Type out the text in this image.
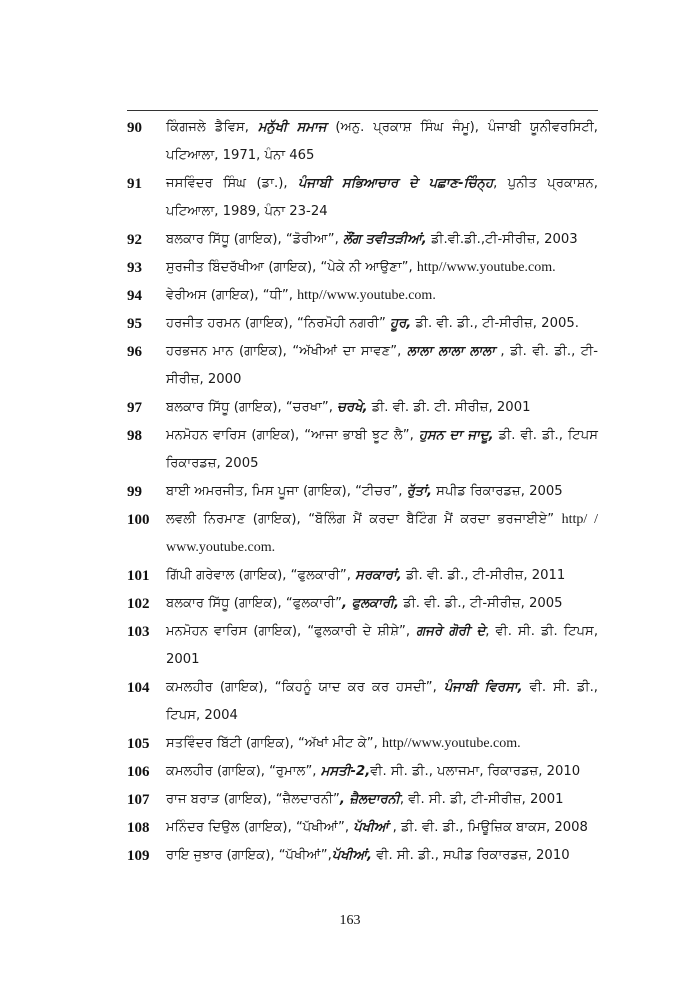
90 ਕਿੰਗਜਲੇ ਡੈਵਿਸ, ਮਨੁੱਖੀ ਸਮਾਜ (ਅਨੁ. ਪ੍ਰਕਾਸ਼ ਸਿੰਘ ਜੰਮੂ), ਪੰਜਾਬੀ ਯੂਨੀਵਰਸਿਟੀ, ਪਟਿਆਲਾ, 1971, ਪੰਨਾ 465
91 ਜਸਵਿੰਦਰ ਸਿੰਘ (ਡਾ.), ਪੰਜਾਬੀ ਸਭਿਆਚਾਰ ਦੇ ਪਛਾਣ-ਚਿੰਨ੍ਹ, ਪੁਨੀਤ ਪ੍ਰਕਾਸ਼ਨ, ਪਟਿਆਲਾ, 1989, ਪੰਨਾ 23-24
92 ਬਲਕਾਰ ਸਿੱਧੂ (ਗਾਇਕ), “ਡੋਰੀਆ”, ਲੌਂਗ ਤਵੀਤੜੀਆਂ, ਡੀ.ਵੀ.ਡੀ.,ਟੀ-ਸੀਰੀਜ਼, 2003
93 ਸੁਰਜੀਤ ਬਿੰਦਰੱਖੀਆ (ਗਾਇਕ), “ਪੇਕੇ ਨੀ ਆਉਣਾ”, http//www.youtube.com.
94 ਵੇਰੀਅਸ (ਗਾਇਕ), “ਧੀ”, http//www.youtube.com.
95 ਹਰਜੀਤ ਹਰਮਨ (ਗਾਇਕ), “ਨਿਰਮੋਹੀ ਨਗਰੀ” ਹੂਰ, ਡੀ. ਵੀ. ਡੀ., ਟੀ-ਸੀਰੀਜ਼, 2005.
96 ਹਰਭਜਨ ਮਾਨ (ਗਾਇਕ), “ਅੱਖੀਆਂ ਦਾ ਸਾਵਣ”, ਲਾਲਾ ਲਾਲਾ ਲਾਲਾ , ਡੀ. ਵੀ. ਡੀ., ਟੀ-ਸੀਰੀਜ਼, 2000
97 ਬਲਕਾਰ ਸਿੱਧੂ (ਗਾਇਕ), “ਚਰਖਾ”, ਚਰਖੇ, ਡੀ. ਵੀ. ਡੀ. ਟੀ. ਸੀਰੀਜ਼, 2001
98 ਮਨਮੋਹਨ ਵਾਰਿਸ (ਗਾਇਕ), “ਆਜਾ ਭਾਬੀ ਝੂਟ ਲੈ”, ਹੁਸਨ ਦਾ ਜਾਦੂ, ਡੀ. ਵੀ. ਡੀ., ਟਿਪਸ ਰਿਕਾਰਡਜ਼, 2005
99 ਬਾਈ ਅਮਰਜੀਤ, ਮਿਸ ਪੂਜਾ (ਗਾਇਕ), “ਟੀਚਰ”, ਰੁੱਤਾਂ, ਸਪੀਡ ਰਿਕਾਰਡਜ਼, 2005
100 ਲਵਲੀ ਨਿਰਮਾਣ (ਗਾਇਕ), “ਬੋਲਿੰਗ ਮੈਂ ਕਰਦਾ ਬੈਟਿੰਗ ਮੈਂ ਕਰਦਾ ਭਰਜਾਈਏ” http/ / www.youtube.com.
101 ਗਿੱਪੀ ਗਰੇਵਾਲ (ਗਾਇਕ), “ਫੁਲਕਾਰੀ”, ਸਰਕਾਰਾਂ, ਡੀ. ਵੀ. ਡੀ., ਟੀ-ਸੀਰੀਜ਼, 2011
102 ਬਲਕਾਰ ਸਿੱਧੂ (ਗਾਇਕ), “ਫੁਲਕਾਰੀ”, ਫੁਲਕਾਰੀ, ਡੀ. ਵੀ. ਡੀ., ਟੀ-ਸੀਰੀਜ਼, 2005
103 ਮਨਮੋਹਨ ਵਾਰਿਸ (ਗਾਇਕ), “ਫੁਲਕਾਰੀ ਦੇ ਸ਼ੀਸ਼ੇ”, ਗਜਰੇ ਗੋਰੀ ਦੇ, ਵੀ. ਸੀ. ਡੀ. ਟਿਪਸ, 2001
104 ਕਮਲਹੀਰ (ਗਾਇਕ), “ਕਿਹਨੂੰ ਯਾਦ ਕਰ ਕਰ ਹਸਦੀ”, ਪੰਜਾਬੀ ਵਿਰਸਾ, ਵੀ. ਸੀ. ਡੀ., ਟਿਪਸ, 2004
105 ਸਤਵਿੰਦਰ ਬਿੱਟੀ (ਗਾਇਕ), “ਅੱਖਾਂ ਮੀਟ ਕੇ”, http//www.youtube.com.
106 ਕਮਲਹੀਰ (ਗਾਇਕ), “ਰੁਮਾਲ”, ਮਸਤੀ-2,ਵੀ. ਸੀ. ਡੀ., ਪਲਾਜਮਾ, ਰਿਕਾਰਡਜ਼, 2010
107 ਰਾਜ ਬਰਾੜ (ਗਾਇਕ), “ਜ਼ੈਲਦਾਰਨੀ”, ਜ਼ੈਲਦਾਰਨੀ, ਵੀ. ਸੀ. ਡੀ, ਟੀ-ਸੀਰੀਜ਼, 2001
108 ਮਨਿੰਦਰ ਦਿਉਲ (ਗਾਇਕ), “ਪੱਖੀਆਂ”, ਪੱਖੀਆਂ , ਡੀ. ਵੀ. ਡੀ., ਮਿਊਜ਼ਿਕ ਬਾਕਸ, 2008
109 ਰਾਇ ਜੁਝਾਰ (ਗਾਇਕ), “ਪੱਖੀਆਂ”,ਪੱਖੀਆਂ, ਵੀ. ਸੀ. ਡੀ., ਸਪੀਡ ਰਿਕਾਰਡਜ਼, 2010
163
